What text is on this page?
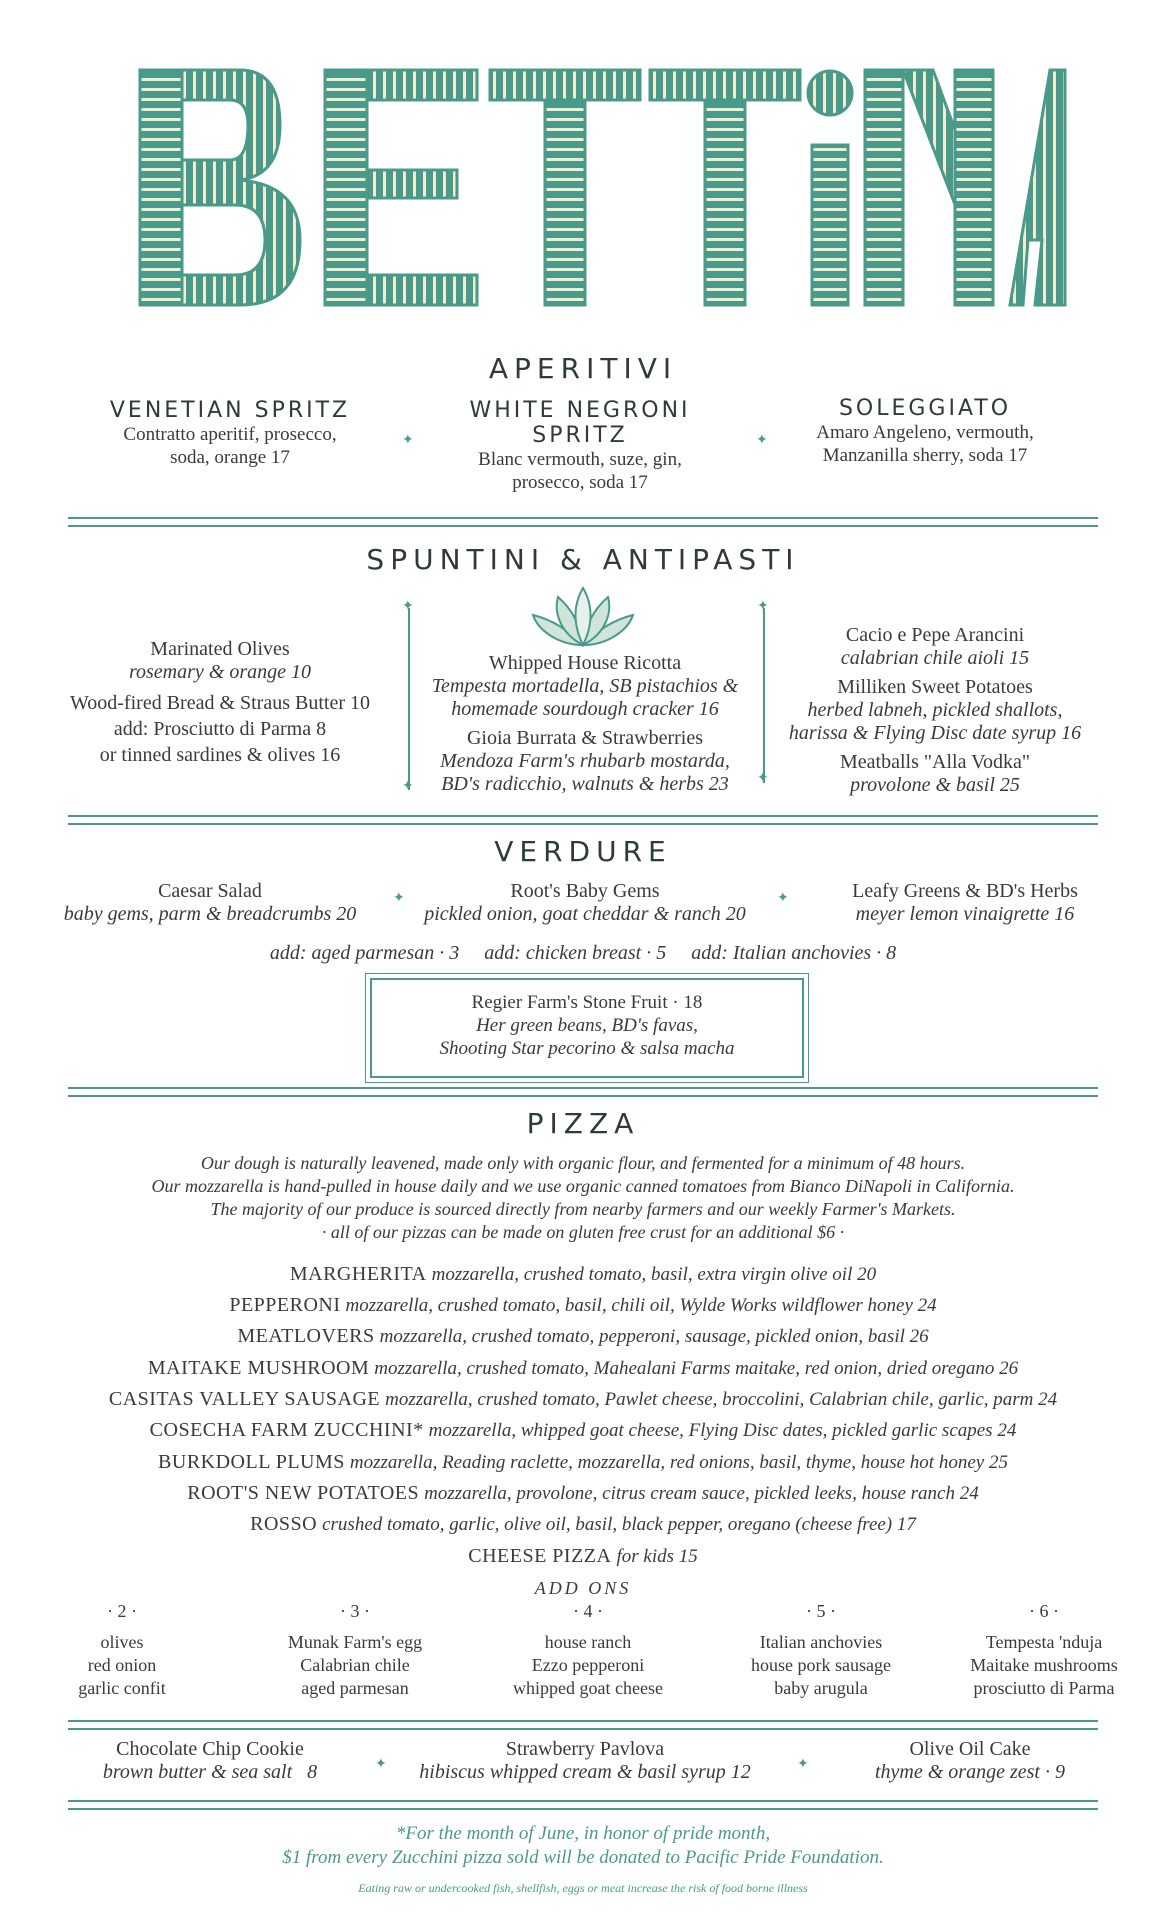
APERITIVI
VENETIAN SPRITZ
Contratto aperitif, prosecco,
soda, orange 17
✦
WHITE NEGRONI SPRITZ
Blanc vermouth, suze, gin,
prosecco, soda 17
✦
SOLEGGIATO
Amaro Angeleno, vermouth,
Manzanilla sherry, soda 17
SPUNTINI & ANTIPASTI
Marinated Olives
rosemary & orange 10
Wood-fired Bread & Straus Butter 10
add: Prosciutto di Parma 8
or tinned sardines & olives 16
✦
✦
Whipped House Ricotta
Tempesta mortadella, SB pistachios &
homemade sourdough cracker 16
Gioia Burrata & Strawberries
Mendoza Farm's rhubarb mostarda,
BD's radicchio, walnuts & herbs 23
✦
✦
Cacio e Pepe Arancini
calabrian chile aioli 15
Milliken Sweet Potatoes
herbed labneh, pickled shallots,
harissa & Flying Disc date syrup 16
Meatballs "Alla Vodka"
provolone & basil 25
VERDURE
Caesar Salad
baby gems, parm & breadcrumbs 20
✦	Root's Baby Gems
pickled onion, goat cheddar & ranch 20
✦	Leafy Greens & BD's Herbs
meyer lemon vinaigrette 16
add: aged parmesan · 3     add: chicken breast · 5     add: Italian anchovies · 8
Regier Farm's Stone Fruit · 18
Her green beans, BD's favas,
Shooting Star pecorino & salsa macha
PIZZA
Our dough is naturally leavened, made only with organic flour, and fermented for a minimum of 48 hours.
Our mozzarella is hand-pulled in house daily and we use organic canned tomatoes from Bianco DiNapoli in California.
The majority of our produce is sourced directly from nearby farmers and our weekly Farmer's Markets.
· all of our pizzas can be made on gluten free crust for an additional $6 ·
MARGHERITA mozzarella, crushed tomato, basil, extra virgin olive oil 20
PEPPERONI mozzarella, crushed tomato, basil, chili oil, Wylde Works wildflower honey 24
MEATLOVERS mozzarella, crushed tomato, pepperoni, sausage, pickled onion, basil 26
MAITAKE MUSHROOM mozzarella, crushed tomato, Mahealani Farms maitake, red onion, dried oregano 26
CASITAS VALLEY SAUSAGE mozzarella, crushed tomato, Pawlet cheese, broccolini, Calabrian chile, garlic, parm 24
COSECHA FARM ZUCCHINI* mozzarella, whipped goat cheese, Flying Disc dates, pickled garlic scapes 24
BURKDOLL PLUMS mozzarella, Reading raclette, mozzarella, red onions, basil, thyme, house hot honey 25
ROOT'S NEW POTATOES mozzarella, provolone, citrus cream sauce, pickled leeks, house ranch 24
ROSSO crushed tomato, garlic, olive oil, basil, black pepper, oregano (cheese free) 17
CHEESE PIZZA for kids 15
ADD ONS
· 2 ·
olives
red onion
garlic confit
· 3 ·
Munak Farm's egg
Calabrian chile
aged parmesan
· 4 ·
house ranch
Ezzo pepperoni
whipped goat cheese
· 5 ·
Italian anchovies
house pork sausage
baby arugula
· 6 ·
Tempesta 'nduja
Maitake mushrooms
prosciutto di Parma
Chocolate Chip Cookie
brown butter & sea salt   8	✦
Strawberry Pavlova
hibiscus whipped cream & basil syrup 12	✦
Olive Oil Cake
thyme & orange zest · 9
*For the month of June, in honor of pride month,
$1 from every Zucchini pizza sold will be donated to Pacific Pride Foundation.
Eating raw or undercooked fish, shellfish, eggs or meat increase the risk of food borne illness
